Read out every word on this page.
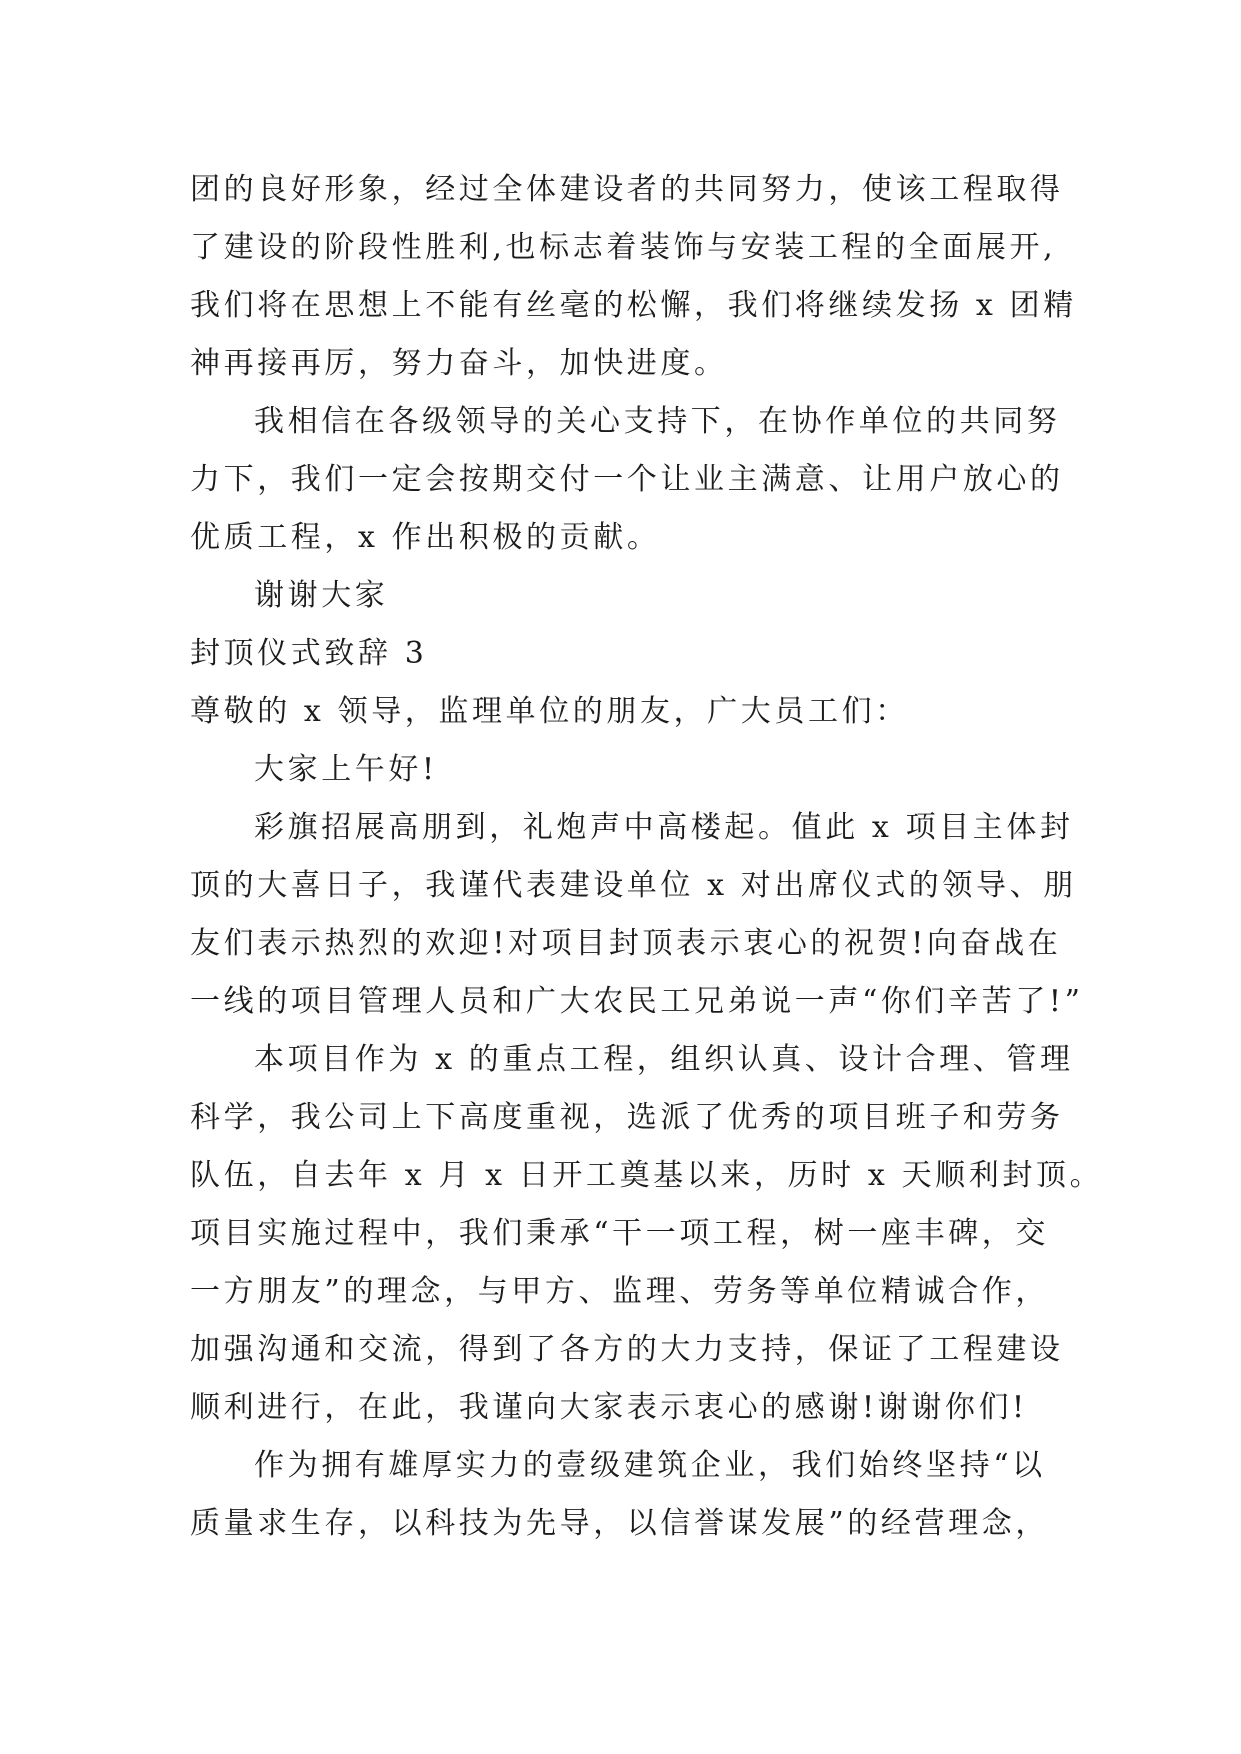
团的良好形象，经过全体建设者的共同努力，使该工程取得
了建设的阶段性胜利,也标志着装饰与安装工程的全面展开,
我们将在思想上不能有丝毫的松懈，我们将继续发扬 x 团精
神再接再厉，努力奋斗，加快进度。
我相信在各级领导的关心支持下，在协作单位的共同努
力下，我们一定会按期交付一个让业主满意、让用户放心的
优质工程，x 作出积极的贡献。
谢谢大家
封顶仪式致辞 3
尊敬的 x 领导，监理单位的朋友，广大员工们：
大家上午好!
彩旗招展高朋到，礼炮声中高楼起。值此 x 项目主体封
顶的大喜日子，我谨代表建设单位 x 对出席仪式的领导、朋
友们表示热烈的欢迎!对项目封顶表示衷心的祝贺!向奋战在
一线的项目管理人员和广大农民工兄弟说一声“你们辛苦了!”
本项目作为 x 的重点工程，组织认真、设计合理、管理
科学，我公司上下高度重视，选派了优秀的项目班子和劳务
队伍，自去年 x 月 x 日开工奠基以来，历时 x 天顺利封顶。
项目实施过程中，我们秉承“干一项工程，树一座丰碑，交
一方朋友”的理念，与甲方、监理、劳务等单位精诚合作，
加强沟通和交流，得到了各方的大力支持，保证了工程建设
顺利进行，在此，我谨向大家表示衷心的感谢!谢谢你们!
作为拥有雄厚实力的壹级建筑企业，我们始终坚持“以
质量求生存，以科技为先导，以信誉谋发展”的经营理念，
